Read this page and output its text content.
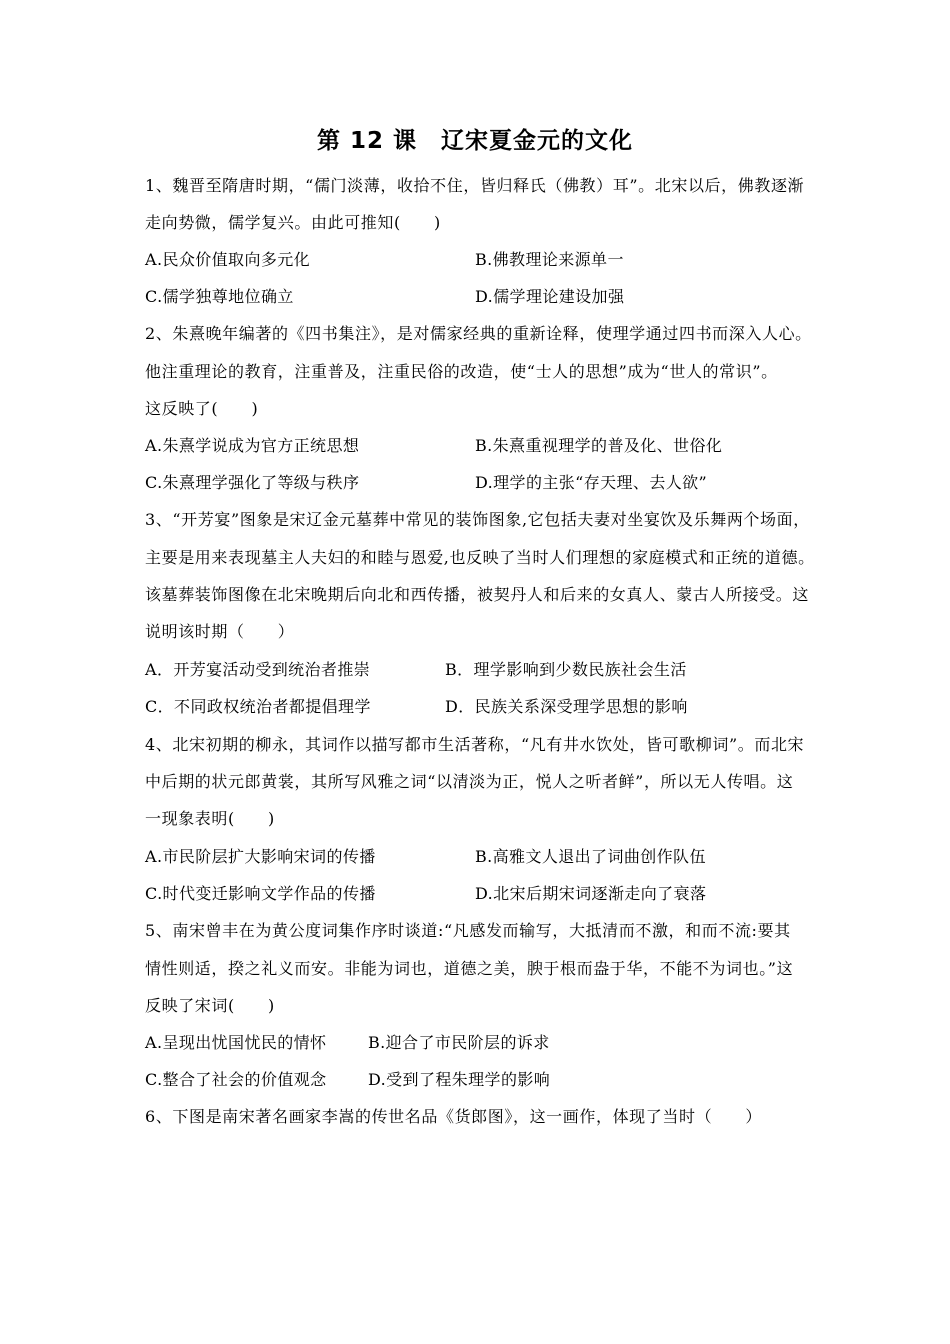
第 12 课　辽宋夏金元的文化
1、魏晋至隋唐时期，“儒门淡薄，收拾不住，皆归释氏（佛教）耳”。北宋以后，佛教逐渐
走向势微，儒学复兴。由此可推知(　　)
A.民众价值取向多元化	B.佛教理论来源单一
C.儒学独尊地位确立	D.儒学理论建设加强
2、朱熹晚年编著的《四书集注》，是对儒家经典的重新诠释，使理学通过四书而深入人心。
他注重理论的教育，注重普及，注重民俗的改造，使“士人的思想”成为“世人的常识”。
这反映了(　　)
A.朱熹学说成为官方正统思想	B.朱熹重视理学的普及化、世俗化
C.朱熹理学强化了等级与秩序	D.理学的主张“存天理、去人欲”
3、“开芳宴”图象是宋辽金元墓葬中常见的装饰图象,它包括夫妻对坐宴饮及乐舞两个场面，
主要是用来表现墓主人夫妇的和睦与恩爱,也反映了当时人们理想的家庭模式和正统的道德。
该墓葬装饰图像在北宋晚期后向北和西传播，被契丹人和后来的女真人、蒙古人所接受。这
说明该时期（　　）
A．开芳宴活动受到统治者推崇	B．理学影响到少数民族社会生活
C．不同政权统治者都提倡理学	D．民族关系深受理学思想的影响
4、北宋初期的柳永，其词作以描写都市生活著称，“凡有井水饮处，皆可歌柳词”。而北宋
中后期的状元郎黄裳，其所写风雅之词“以清淡为正，悦人之听者鲜”，所以无人传唱。这
一现象表明(　　)
A.市民阶层扩大影响宋词的传播	B.高雅文人退出了词曲创作队伍
C.时代变迁影响文学作品的传播	D.北宋后期宋词逐渐走向了衰落
5、南宋曾丰在为黄公度词集作序时谈道:“凡感发而输写，大抵清而不激，和而不流:要其
情性则适，揆之礼义而安。非能为词也，道德之美，腴于根而盎于华，不能不为词也。”这
反映了宋词(　　)
A.呈现出忧国忧民的情怀	B.迎合了市民阶层的诉求
C.整合了社会的价值观念	D.受到了程朱理学的影响
6、下图是南宋著名画家李嵩的传世名品《货郎图》，这一画作，体现了当时（　　）
